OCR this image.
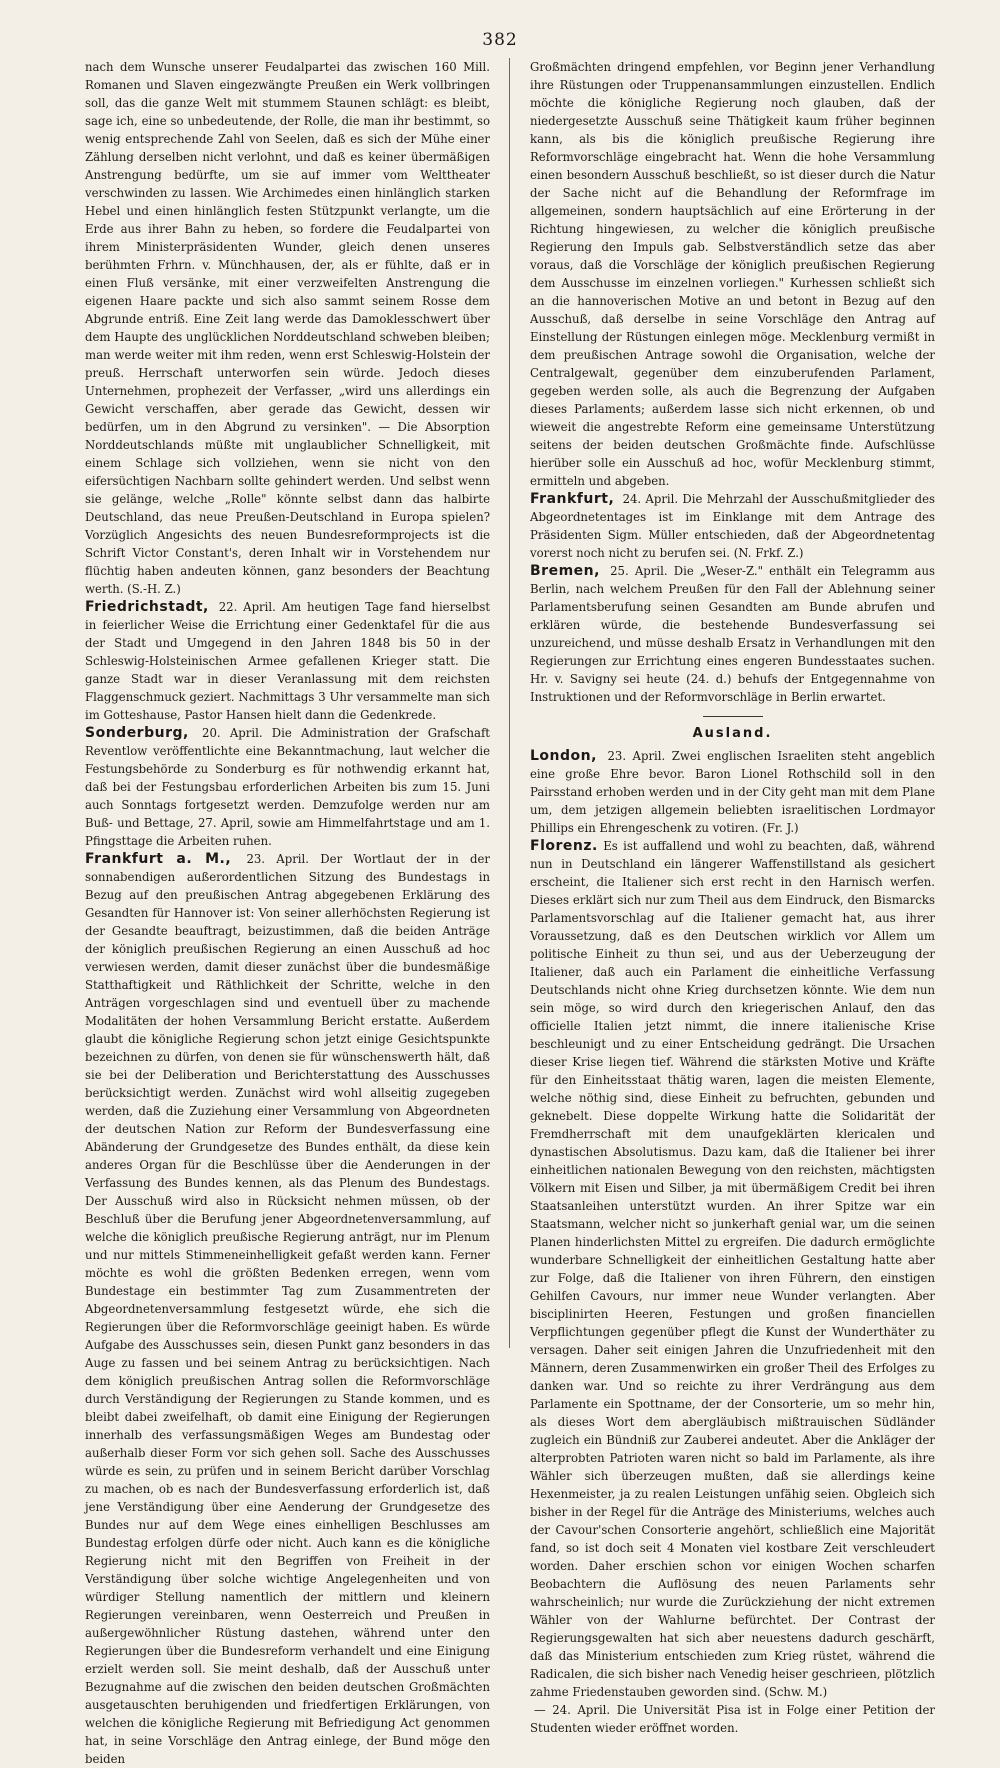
382

nach dem Wunsche unserer Feudalpartei das zwischen 160 Mill. Romanen und Slaven eingezwängte Preußen ein Werk vollbringen soll, das die ganze Welt mit stummem Staunen schlägt: es bleibt, sage ich, eine so unbedeutende, der Rolle, die man ihr bestimmt, so wenig entsprechende Zahl von Seelen, daß es sich der Mühe einer Zählung derselben nicht verlohnt, und daß es keiner übermäßigen Anstrengung bedürfte, um sie auf immer vom Welttheater verschwinden zu lassen. Wie Archimedes einen hinlänglich starken Hebel und einen hinlänglich festen Stützpunkt verlangte, um die Erde aus ihrer Bahn zu heben, so fordere die Feudalpartei von ihrem Ministerpräsidenten Wunder, gleich denen unseres berühmten Frhrn. v. Münchhausen, der, als er fühlte, daß er in einen Fluß versänke, mit einer verzweifelten Anstrengung die eigenen Haare packte und sich also sammt seinem Rosse dem Abgrunde entriß. Eine Zeit lang werde das Damoklesschwert über dem Haupte des unglücklichen Norddeutschland schweben bleiben; man werde weiter mit ihm reden, wenn erst Schleswig-Holstein der preuß. Herrschaft unterworfen sein würde. Jedoch dieses Unternehmen, prophezeit der Verfasser, „wird uns allerdings ein Gewicht verschaffen, aber gerade das Gewicht, dessen wir bedürfen, um in den Abgrund zu versinken". — Die Absorption Norddeutschlands müßte mit unglaublicher Schnelligkeit, mit einem Schlage sich vollziehen, wenn sie nicht von den eifersüchtigen Nachbarn sollte gehindert werden. Und selbst wenn sie gelänge, welche „Rolle" könnte selbst dann das halbirte Deutschland, das neue Preußen-Deutschland in Europa spielen? Vorzüglich Angesichts des neuen Bundesreformprojects ist die Schrift Victor Constant's, deren Inhalt wir in Vorstehendem nur flüchtig haben andeuten können, ganz besonders der Beachtung werth. (S.-H. Z.)

Friedrichstadt, 22. April. Am heutigen Tage fand hierselbst in feierlicher Weise die Errichtung einer Gedenktafel für die aus der Stadt und Umgegend in den Jahren 1848 bis 50 in der Schleswig-Holsteinischen Armee gefallenen Krieger statt. Die ganze Stadt war in dieser Veranlassung mit dem reichsten Flaggenschmuck geziert. Nachmittags 3 Uhr versammelte man sich im Gotteshause, Pastor Hansen hielt dann die Gedenkrede.

Sonderburg, 20. April. Die Administration der Grafschaft Reventlow veröffentlichte eine Bekanntmachung, laut welcher die Festungsbehörde zu Sonderburg es für nothwendig erkannt hat, daß bei der Festungsbau erforderlichen Arbeiten bis zum 15. Juni auch Sonntags fortgesetzt werden. Demzufolge werden nur am Buß- und Bettage, 27. April, sowie am Himmelfahrtstage und am 1. Pfingsttage die Arbeiten ruhen.

Frankfurt a. M., 23. April. Der Wortlaut der in der sonnabendigen außerordentlichen Sitzung des Bundestags in Bezug auf den preußischen Antrag abgegebenen Erklärung des Gesandten für Hannover ist: Von seiner allerhöchsten Regierung ist der Gesandte beauftragt, beizustimmen, daß die beiden Anträge der königlich preußischen Regierung an einen Ausschuß ad hoc verwiesen werden, damit dieser zunächst über die bundesmäßige Statthaftigkeit und Räthlichkeit der Schritte, welche in den Anträgen vorgeschlagen sind und eventuell über zu machende Modalitäten der hohen Versammlung Bericht erstatte. Außerdem glaubt die königliche Regierung schon jetzt einige Gesichtspunkte bezeichnen zu dürfen, von denen sie für wünschenswerth hält, daß sie bei der Deliberation und Berichterstattung des Ausschusses berücksichtigt werden. Zunächst wird wohl allseitig zugegeben werden, daß die Zuziehung einer Versammlung von Abgeordneten der deutschen Nation zur Reform der Bundesverfassung eine Abänderung der Grundgesetze des Bundes enthält, da diese kein anderes Organ für die Beschlüsse über die Aenderungen in der Verfassung des Bundes kennen, als das Plenum des Bundestags. Der Ausschuß wird also in Rücksicht nehmen müssen, ob der Beschluß über die Berufung jener Abgeordnetenversammlung, auf welche die königlich preußische Regierung anträgt, nur im Plenum und nur mittels Stimmeneinhelligkeit gefaßt werden kann. Ferner möchte es wohl die größten Bedenken erregen, wenn vom Bundestage ein bestimmter Tag zum Zusammentreten der Abgeordnetenversammlung festgesetzt würde, ehe sich die Regierungen über die Reformvorschläge geeinigt haben. Es würde Aufgabe des Ausschusses sein, diesen Punkt ganz besonders in das Auge zu fassen und bei seinem Antrag zu berücksichtigen. Nach dem königlich preußischen Antrag sollen die Reformvorschläge durch Verständigung der Regierungen zu Stande kommen, und es bleibt dabei zweifelhaft, ob damit eine Einigung der Regierungen innerhalb des verfassungsmäßigen Weges am Bundestag oder außerhalb dieser Form vor sich gehen soll. Sache des Ausschusses würde es sein, zu prüfen und in seinem Bericht darüber Vorschlag zu machen, ob es nach der Bundesverfassung erforderlich ist, daß jene Verständigung über eine Aenderung der Grundgesetze des Bundes nur auf dem Wege eines einhelligen Beschlusses am Bundestag erfolgen dürfe oder nicht. Auch kann es die königliche Regierung nicht mit den Begriffen von Freiheit in der Verständigung über solche wichtige Angelegenheiten und von würdiger Stellung namentlich der mittlern und kleinern Regierungen vereinbaren, wenn Oesterreich und Preußen in außergewöhnlicher Rüstung dastehen, während unter den Regierungen über die Bundesreform verhandelt und eine Einigung erzielt werden soll. Sie meint deshalb, daß der Ausschuß unter Bezugnahme auf die zwischen den beiden deutschen Großmächten ausgetauschten beruhigenden und friedfertigen Erklärungen, von welchen die königliche Regierung mit Befriedigung Act genommen hat, in seine Vorschläge den Antrag einlege, der Bund möge den beiden

Großmächten dringend empfehlen, vor Beginn jener Verhandlung ihre Rüstungen oder Truppenansammlungen einzustellen. Endlich möchte die königliche Regierung noch glauben, daß der niedergesetzte Ausschuß seine Thätigkeit kaum früher beginnen kann, als bis die königlich preußische Regierung ihre Reformvorschläge eingebracht hat. Wenn die hohe Versammlung einen besondern Ausschuß beschließt, so ist dieser durch die Natur der Sache nicht auf die Behandlung der Reformfrage im allgemeinen, sondern hauptsächlich auf eine Erörterung in der Richtung hingewiesen, zu welcher die königlich preußische Regierung den Impuls gab. Selbstverständlich setze das aber voraus, daß die Vorschläge der königlich preußischen Regierung dem Ausschusse im einzelnen vorliegen." Kurhessen schließt sich an die hannoverischen Motive an und betont in Bezug auf den Ausschuß, daß derselbe in seine Vorschläge den Antrag auf Einstellung der Rüstungen einlegen möge. Mecklenburg vermißt in dem preußischen Antrage sowohl die Organisation, welche der Centralgewalt, gegenüber dem einzuberufenden Parlament, gegeben werden solle, als auch die Begrenzung der Aufgaben dieses Parlaments; außerdem lasse sich nicht erkennen, ob und wieweit die angestrebte Reform eine gemeinsame Unterstützung seitens der beiden deutschen Großmächte finde. Aufschlüsse hierüber solle ein Ausschuß ad hoc, wofür Mecklenburg stimmt, ermitteln und abgeben.

Frankfurt, 24. April. Die Mehrzahl der Ausschußmitglieder des Abgeordnetentages ist im Einklange mit dem Antrage des Präsidenten Sigm. Müller entschieden, daß der Abgeordnetentag vorerst noch nicht zu berufen sei. (N. Frkf. Z.)

Bremen, 25. April. Die „Weser-Z." enthält ein Telegramm aus Berlin, nach welchem Preußen für den Fall der Ablehnung seiner Parlamentsberufung seinen Gesandten am Bunde abrufen und erklären würde, die bestehende Bundesverfassung sei unzureichend, und müsse deshalb Ersatz in Verhandlungen mit den Regierungen zur Errichtung eines engeren Bundesstaates suchen. Hr. v. Savigny sei heute (24. d.) behufs der Entgegennahme von Instruktionen und der Reformvorschläge in Berlin erwartet.

Ausland.

London, 23. April. Zwei englischen Israeliten steht angeblich eine große Ehre bevor. Baron Lionel Rothschild soll in den Pairsstand erhoben werden und in der City geht man mit dem Plane um, dem jetzigen allgemein beliebten israelitischen Lordmayor Phillips ein Ehrengeschenk zu votiren. (Fr. J.)

Florenz. Es ist auffallend und wohl zu beachten, daß, während nun in Deutschland ein längerer Waffenstillstand als gesichert erscheint, die Italiener sich erst recht in den Harnisch werfen. Dieses erklärt sich nur zum Theil aus dem Eindruck, den Bismarcks Parlamentsvorschlag auf die Italiener gemacht hat, aus ihrer Voraussetzung, daß es den Deutschen wirklich vor Allem um politische Einheit zu thun sei, und aus der Ueberzeugung der Italiener, daß auch ein Parlament die einheitliche Verfassung Deutschlands nicht ohne Krieg durchsetzen könnte. Wie dem nun sein möge, so wird durch den kriegerischen Anlauf, den das officielle Italien jetzt nimmt, die innere italienische Krise beschleunigt und zu einer Entscheidung gedrängt. Die Ursachen dieser Krise liegen tief. Während die stärksten Motive und Kräfte für den Einheitsstaat thätig waren, lagen die meisten Elemente, welche nöthig sind, diese Einheit zu befruchten, gebunden und geknebelt. Diese doppelte Wirkung hatte die Solidarität der Fremdherrschaft mit dem unaufgeklärten klericalen und dynastischen Absolutismus. Dazu kam, daß die Italiener bei ihrer einheitlichen nationalen Bewegung von den reichsten, mächtigsten Völkern mit Eisen und Silber, ja mit übermäßigem Credit bei ihren Staatsanleihen unterstützt wurden. An ihrer Spitze war ein Staatsmann, welcher nicht so junkerhaft genial war, um die seinen Planen hinderlichsten Mittel zu ergreifen. Die dadurch ermöglichte wunderbare Schnelligkeit der einheitlichen Gestaltung hatte aber zur Folge, daß die Italiener von ihren Führern, den einstigen Gehilfen Cavours, nur immer neue Wunder verlangten. Aber bisciplinirten Heeren, Festungen und großen financiellen Verpflichtungen gegenüber pflegt die Kunst der Wunderthäter zu versagen. Daher seit einigen Jahren die Unzufriedenheit mit den Männern, deren Zusammenwirken ein großer Theil des Erfolges zu danken war. Und so reichte zu ihrer Verdrängung aus dem Parlamente ein Spottname, der der Consorterie, um so mehr hin, als dieses Wort dem abergläubisch mißtrauischen Südländer zugleich ein Bündniß zur Zauberei andeutet. Aber die Ankläger der alterprobten Patrioten waren nicht so bald im Parlamente, als ihre Wähler sich überzeugen mußten, daß sie allerdings keine Hexenmeister, ja zu realen Leistungen unfähig seien. Obgleich sich bisher in der Regel für die Anträge des Ministeriums, welches auch der Cavour'schen Consorterie angehört, schließlich eine Majorität fand, so ist doch seit 4 Monaten viel kostbare Zeit verschleudert worden. Daher erschien schon vor einigen Wochen scharfen Beobachtern die Auflösung des neuen Parlaments sehr wahrscheinlich; nur wurde die Zurückziehung der nicht extremen Wähler von der Wahlurne befürchtet. Der Contrast der Regierungsgewalten hat sich aber neuestens dadurch geschärft, daß das Ministerium entschieden zum Krieg rüstet, während die Radicalen, die sich bisher nach Venedig heiser geschrieen, plötzlich zahme Friedenstauben geworden sind. (Schw. M.)

— 24. April. Die Universität Pisa ist in Folge einer Petition der Studenten wieder eröffnet worden.
